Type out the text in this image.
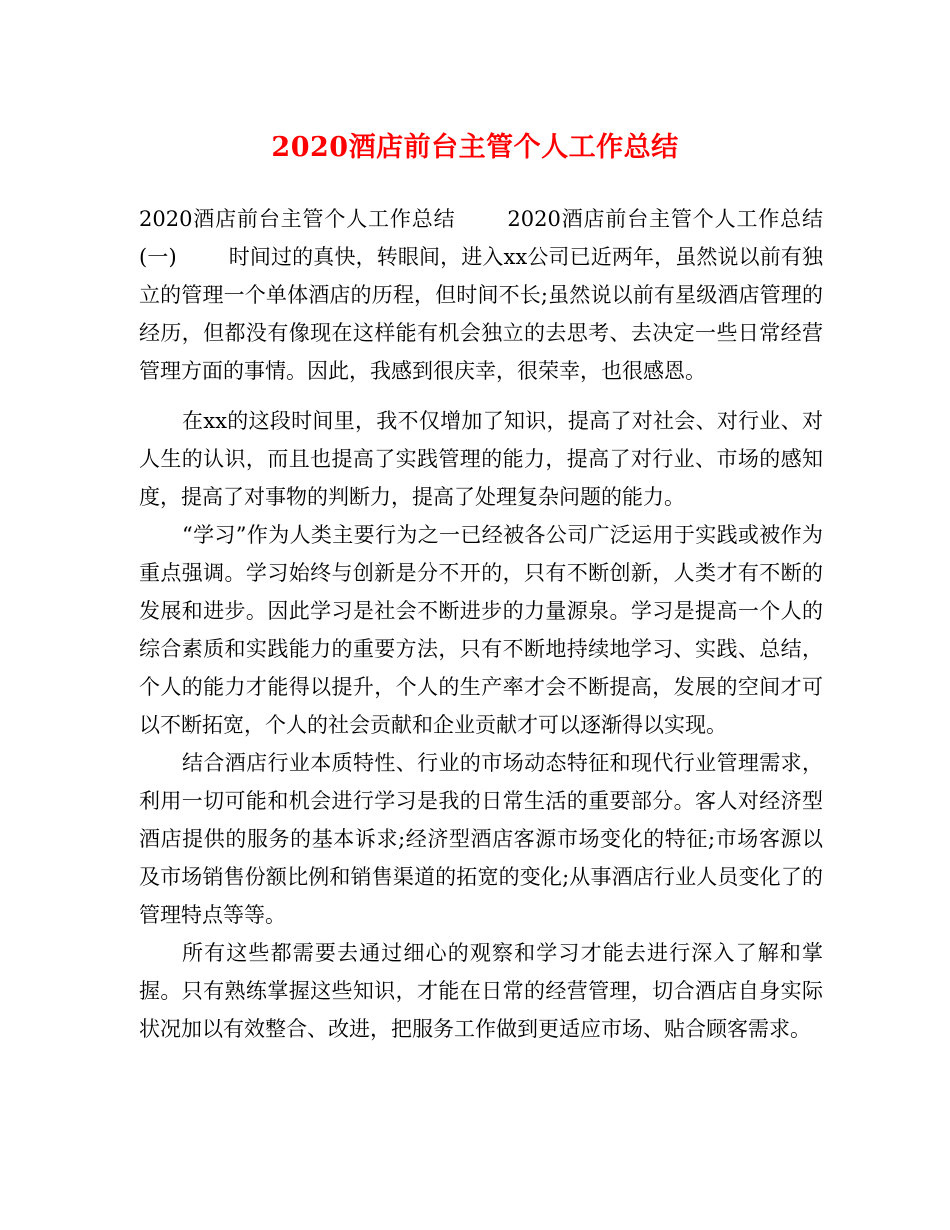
2020酒店前台主管个人工作总结

2020酒店前台主管个人工作总结 2020酒店前台主管个人工作总结(一) 时间过的真快，转眼间，进入xx公司已近两年，虽然说以前有独立的管理一个单体酒店的历程，但时间不长;虽然说以前有星级酒店管理的经历，但都没有像现在这样能有机会独立的去思考、去决定一些日常经营管理方面的事情。因此，我感到很庆幸，很荣幸，也很感恩。

在xx的这段时间里，我不仅增加了知识，提高了对社会、对行业、对人生的认识，而且也提高了实践管理的能力，提高了对行业、市场的感知度，提高了对事物的判断力，提高了处理复杂问题的能力。

“学习”作为人类主要行为之一已经被各公司广泛运用于实践或被作为重点强调。学习始终与创新是分不开的，只有不断创新，人类才有不断的发展和进步。因此学习是社会不断进步的力量源泉。学习是提高一个人的综合素质和实践能力的重要方法，只有不断地持续地学习、实践、总结，个人的能力才能得以提升，个人的生产率才会不断提高，发展的空间才可以不断拓宽，个人的社会贡献和企业贡献才可以逐渐得以实现。

结合酒店行业本质特性、行业的市场动态特征和现代行业管理需求，利用一切可能和机会进行学习是我的日常生活的重要部分。客人对经济型酒店提供的服务的基本诉求;经济型酒店客源市场变化的特征;市场客源以及市场销售份额比例和销售渠道的拓宽的变化;从事酒店行业人员变化了的管理特点等等。

所有这些都需要去通过细心的观察和学习才能去进行深入了解和掌握。只有熟练掌握这些知识，才能在日常的经营管理，切合酒店自身实际状况加以有效整合、改进，把服务工作做到更适应市场、贴合顾客需求。
